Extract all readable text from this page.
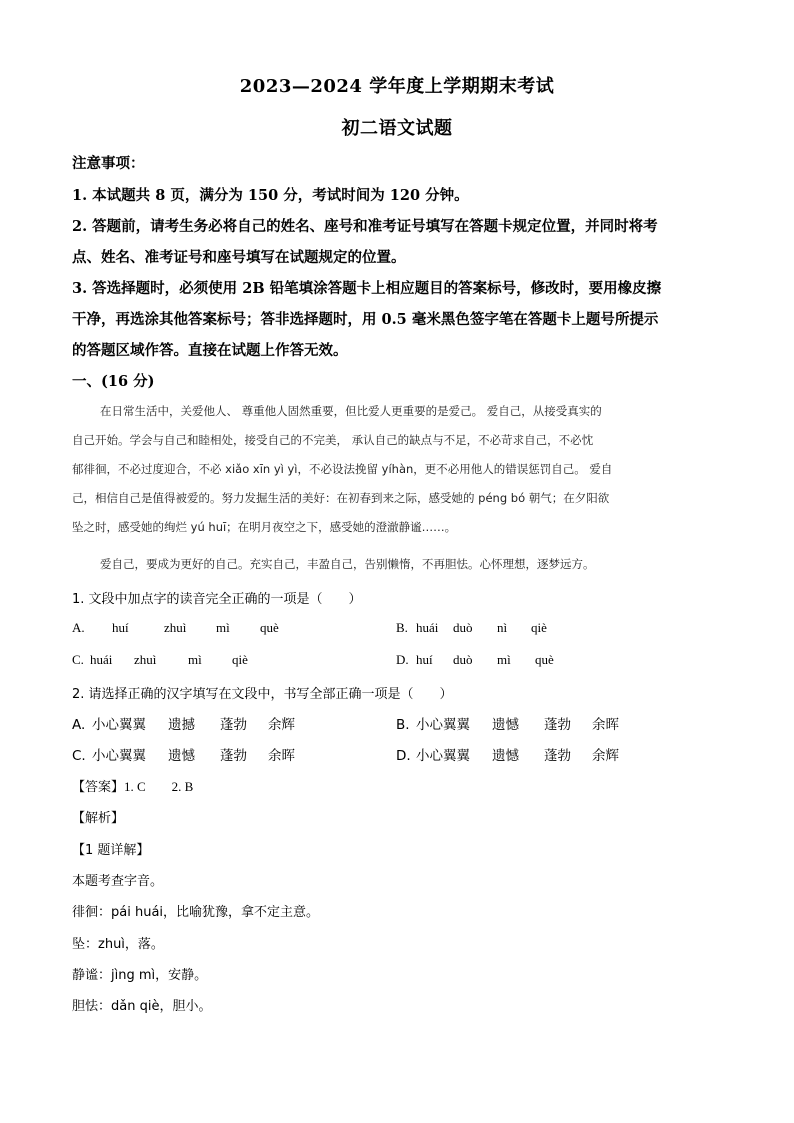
2023—2024 学年度上学期期末考试
初二语文试题
注意事项：
1. 本试题共 8 页，满分为 150 分，考试时间为 120 分钟。
2. 答题前，请考生务必将自己的姓名、座号和准考证号填写在答题卡规定位置，并同时将考
点、姓名、准考证号和座号填写在试题规定的位置。
3. 答选择题时，必须使用 2B 铅笔填涂答题卡上相应题目的答案标号，修改时，要用橡皮擦
干净，再选涂其他答案标号；答非选择题时，用 0.5 毫米黑色签字笔在答题卡上题号所提示
的答题区域作答。直接在试题上作答无效。
一、(16 分)
在日常生活中，关爱他人、 尊重他人固然重要，但比爱人更重要的是爱己。 爱自己，从接受真实的
自己开始。学会与自己和睦相处，接受自己的不完美， 承认自己的缺点与不足，不必苛求自己，不必忱
郁徘徊，不必过度迎合，不必 xiǎo xīn yì yì，不必设法挽留 yíhàn，更不必用他人的错误惩罚自己。 爱自
己，相信自己是值得被爱的。努力发掘生活的美好：在初春到来之际，感受她的 péng bó 朝气；在夕阳欲
坠之时，感受她的绚烂 yú huī；在明月夜空之下，感受她的澄澈静谧……。
爱自己，要成为更好的自己。充实自己，丰盈自己，告别懒惰，不再胆怯。心怀理想，逐梦远方。
1. 文段中加点字的读音完全正确的一项是（　　）
A. huí	zhuì mì què	B. huái duò nì qiè
C. huái zhuì mì qiè	D. huí duò mì què
2. 请选择正确的汉字填写在文段中，书写全部正确一项是（　　）
A. 小心翼翼 遗撼 蓬勃 余辉	B. 小心翼翼 遗憾 蓬勃 余晖
C. 小心翼翼 遗憾 蓬勃 余晖	D. 小心翼翼 遗憾 蓬勃 余辉
【答案】1. C　　2. B
【解析】
【1 题详解】
本题考查字音。
徘徊：pái huái，比喻犹豫，拿不定主意。
坠：zhuì，落。
静谧：jìng mì，安静。
胆怯：dǎn qiè，胆小。
